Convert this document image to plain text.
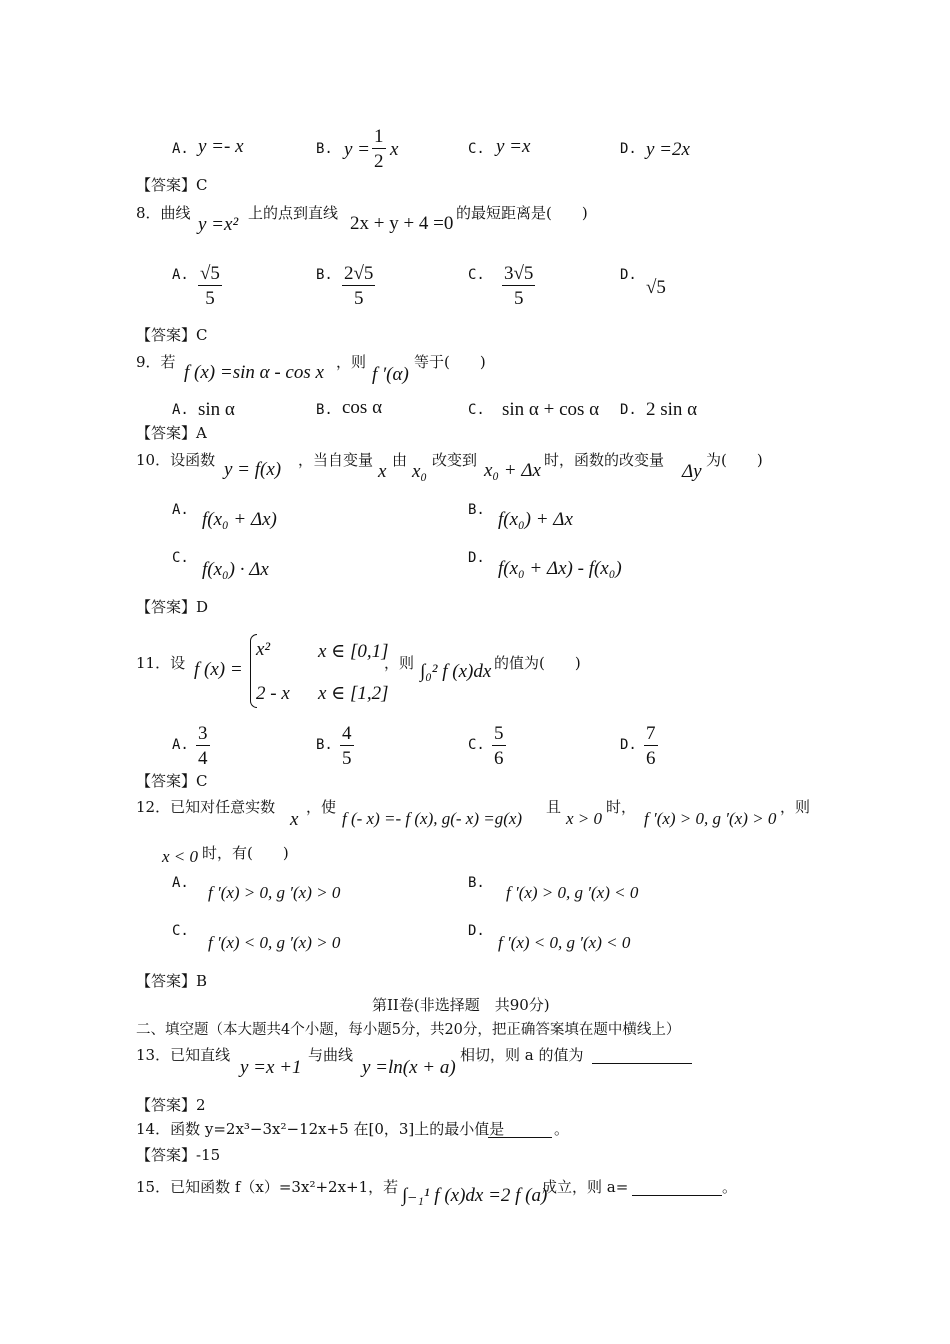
A. y =- x	B. $y = \frac{1}{2}$ x	C. y =x	D. y =2x
【答案】C
8．曲线
y =x²
上的点到直线 2x + y + 4 =0 的最短距离是(　　)
A. $\frac{√5}{5}$	B. $\frac{2√5}{5}$	C. $\frac{3√5}{5}$	D.
√5
【答案】C
9．若 f (x) =sin α - cos x ，则
f ′(α)
等于(　　)
A. sin α	B. cos α	C. sin α + cos α D. 2 sin α
【答案】A
10．设函数 y = f(x) ，当自变量
x
由
x₀
改变到 x₀ + Δx 时，函数的改变量
Δy
为(　　)
A. f(x₀ + Δx)	B. f(x₀) + Δx
C.
f(x₀) · Δx
D. f(x₀ + Δx) - f(x₀)
【答案】D
11．设 f (x) =
x²	x ∈ [0,1]
2 - x x ∈ [1,2]
，则 ∫₀² f (x)dx 的值为(　　)
A. $\frac{3}{4}$	B. $\frac{4}{5}$	C. $\frac{5}{6}$	D. $\frac{7}{6}$
【答案】C
12．已知对任意实数
x
，使
f (- x) =- f (x), g(- x) =g(x)
且
x > 0
时，
f ′(x) > 0, g ′(x) > 0
，则
x < 0 时，有(　　)
A. f ′(x) > 0, g ′(x) > 0	B. f ′(x) > 0, g ′(x) < 0
C.
f ′(x) < 0, g ′(x) > 0
D.
f ′(x) < 0, g ′(x) < 0
【答案】B
第II卷(非选择题　共90分)
二、填空题（本大题共4个小题，每小题5分，共20分，把正确答案填在题中横线上）
13．已知直线
y =x +1
与曲线
y =ln(x + a)
相切，则 a 的值为
【答案】2
14．函数 y=2x³−3x²−12x+5 在[0，3]上的最小值是	。
【答案】-15
15．已知函数 f（x）=3x²+2x+1，若 ∫₋₁¹ f (x)dx =2 f (a)
成立，则 a=	。
